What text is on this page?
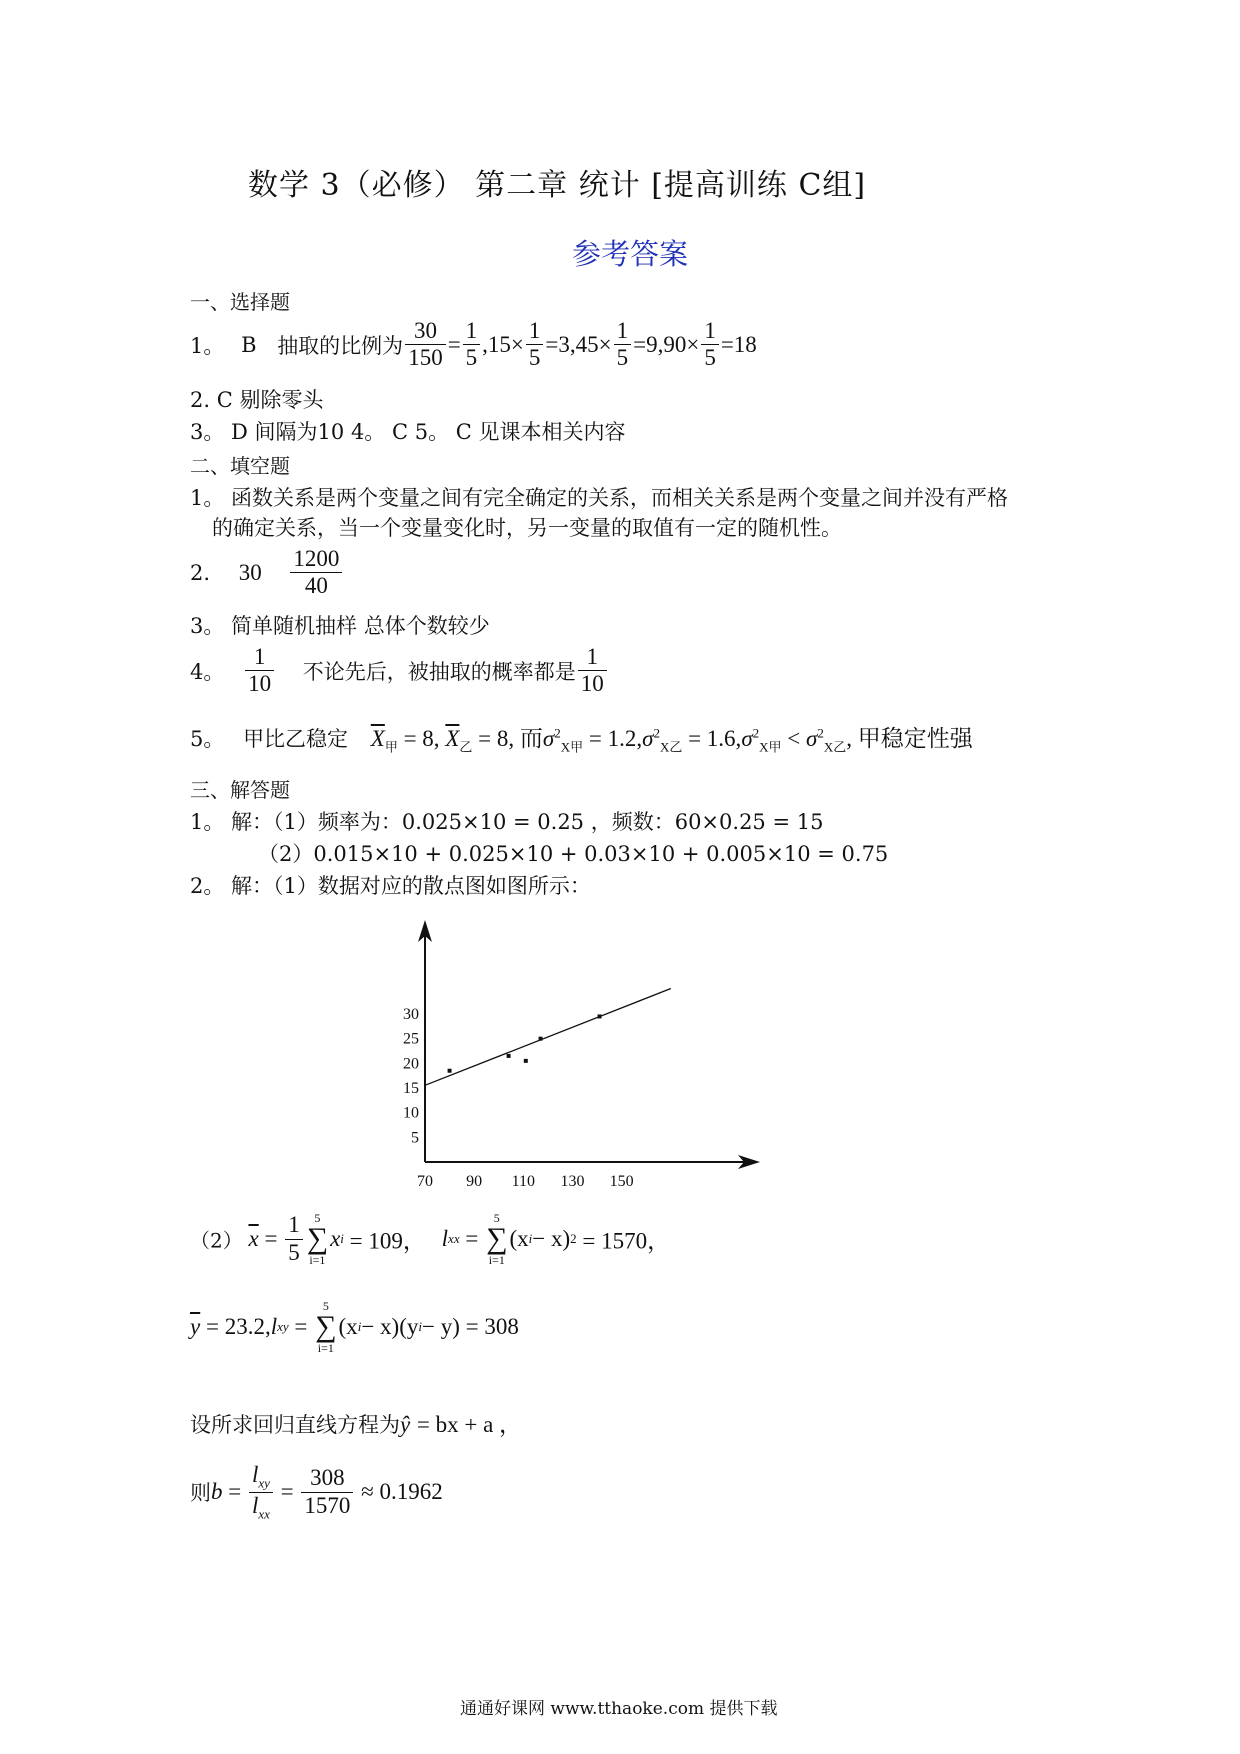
数学 3（必修） 第二章 统计 [提高训练 C组]
参考答案
一、选择题
1。 B 抽取的比例为 $\frac{30}{150} = \frac{1}{5} ,15\times \frac{1}{5} =3,45\times \frac{1}{5} =9,90\times \frac{1}{5} =18$
2. C 剔除零头
3。 D 间隔为10 4。 C 5。 C 见课本相关内容
二、填空题
1。 函数关系是两个变量之间有完全确定的关系，而相关关系是两个变量之间并没有严格
的确定关系，当一个变量变化时，另一变量的取值有一定的随机性。
2. $30 \frac{1200}{40}$
3。 简单随机抽样 总体个数较少
4。 $\frac{1}{10}$ 不论先后，被抽取的概率都是 $\frac{1}{10}$
5。 甲比乙稳定 $\overline{X}_甲 = 8$, $\overline{X}_乙 = 8$, 而$\sigma^2_{X甲} = 1.2,\sigma^2_{X乙} = 1.6,\sigma^2_{X甲} < \sigma^2_{X乙}$, 甲稳定性强
三、解答题
1。 解：（1）频率为：0.025×10 = 0.25 ，频数：60×0.25 = 15
（2）0.015×10 + 0.025×10 + 0.03×10 + 0.005×10 = 0.75
2。 解：（1）数据对应的散点图如图所示：
70 90 110 130 150
5
10
15
20
25
30
（2） $\overline{x} = \frac{1}{5} 5$
∑
i=1
xi = 109， lxx =
5
∑
i=1
(xi− x)2 = 1570，
$\overline{y} = 23.2,lxy$ =
5
∑
i=1
(xi− x)(yi− y) = 308
设所求回归直线方程为ŷ = bx + a ，
则$b = \frac{l_{xy}}{l_{xx}} = \frac{308}{1570} \approx 0.1962$
通通好课网 www.tthaoke.com 提供下载
